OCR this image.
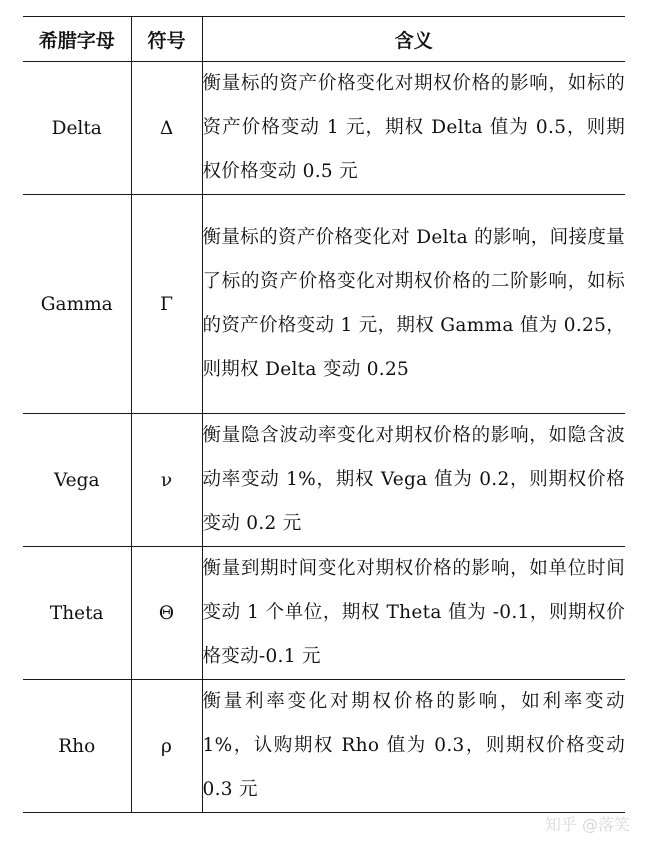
希腊字母	符号	含义
Delta	Δ	衡量标的资产价格变化对期权价格的影响，如标的资产价格变动 1 元，期权 Delta 值为 0.5，则期权价格变动 0.5 元
Gamma	Γ	衡量标的资产价格变化对 Delta 的影响，间接度量了标的资产价格变化对期权价格的二阶影响，如标的资产价格变动 1 元，期权 Gamma 值为 0.25，则期权 Delta 变动 0.25
Vega	ν	衡量隐含波动率变化对期权价格的影响，如隐含波动率变动 1%，期权 Vega 值为 0.2，则期权价格变动 0.2 元
Theta	Θ	衡量到期时间变化对期权价格的影响，如单位时间变动 1 个单位，期权 Theta 值为 -0.1，则期权价格变动-0.1 元
Rho	ρ	衡量利率变化对期权价格的影响，如利率变动 1%，认购期权 Rho 值为 0.3，则期权价格变动 0.3 元
知乎 @落笑
